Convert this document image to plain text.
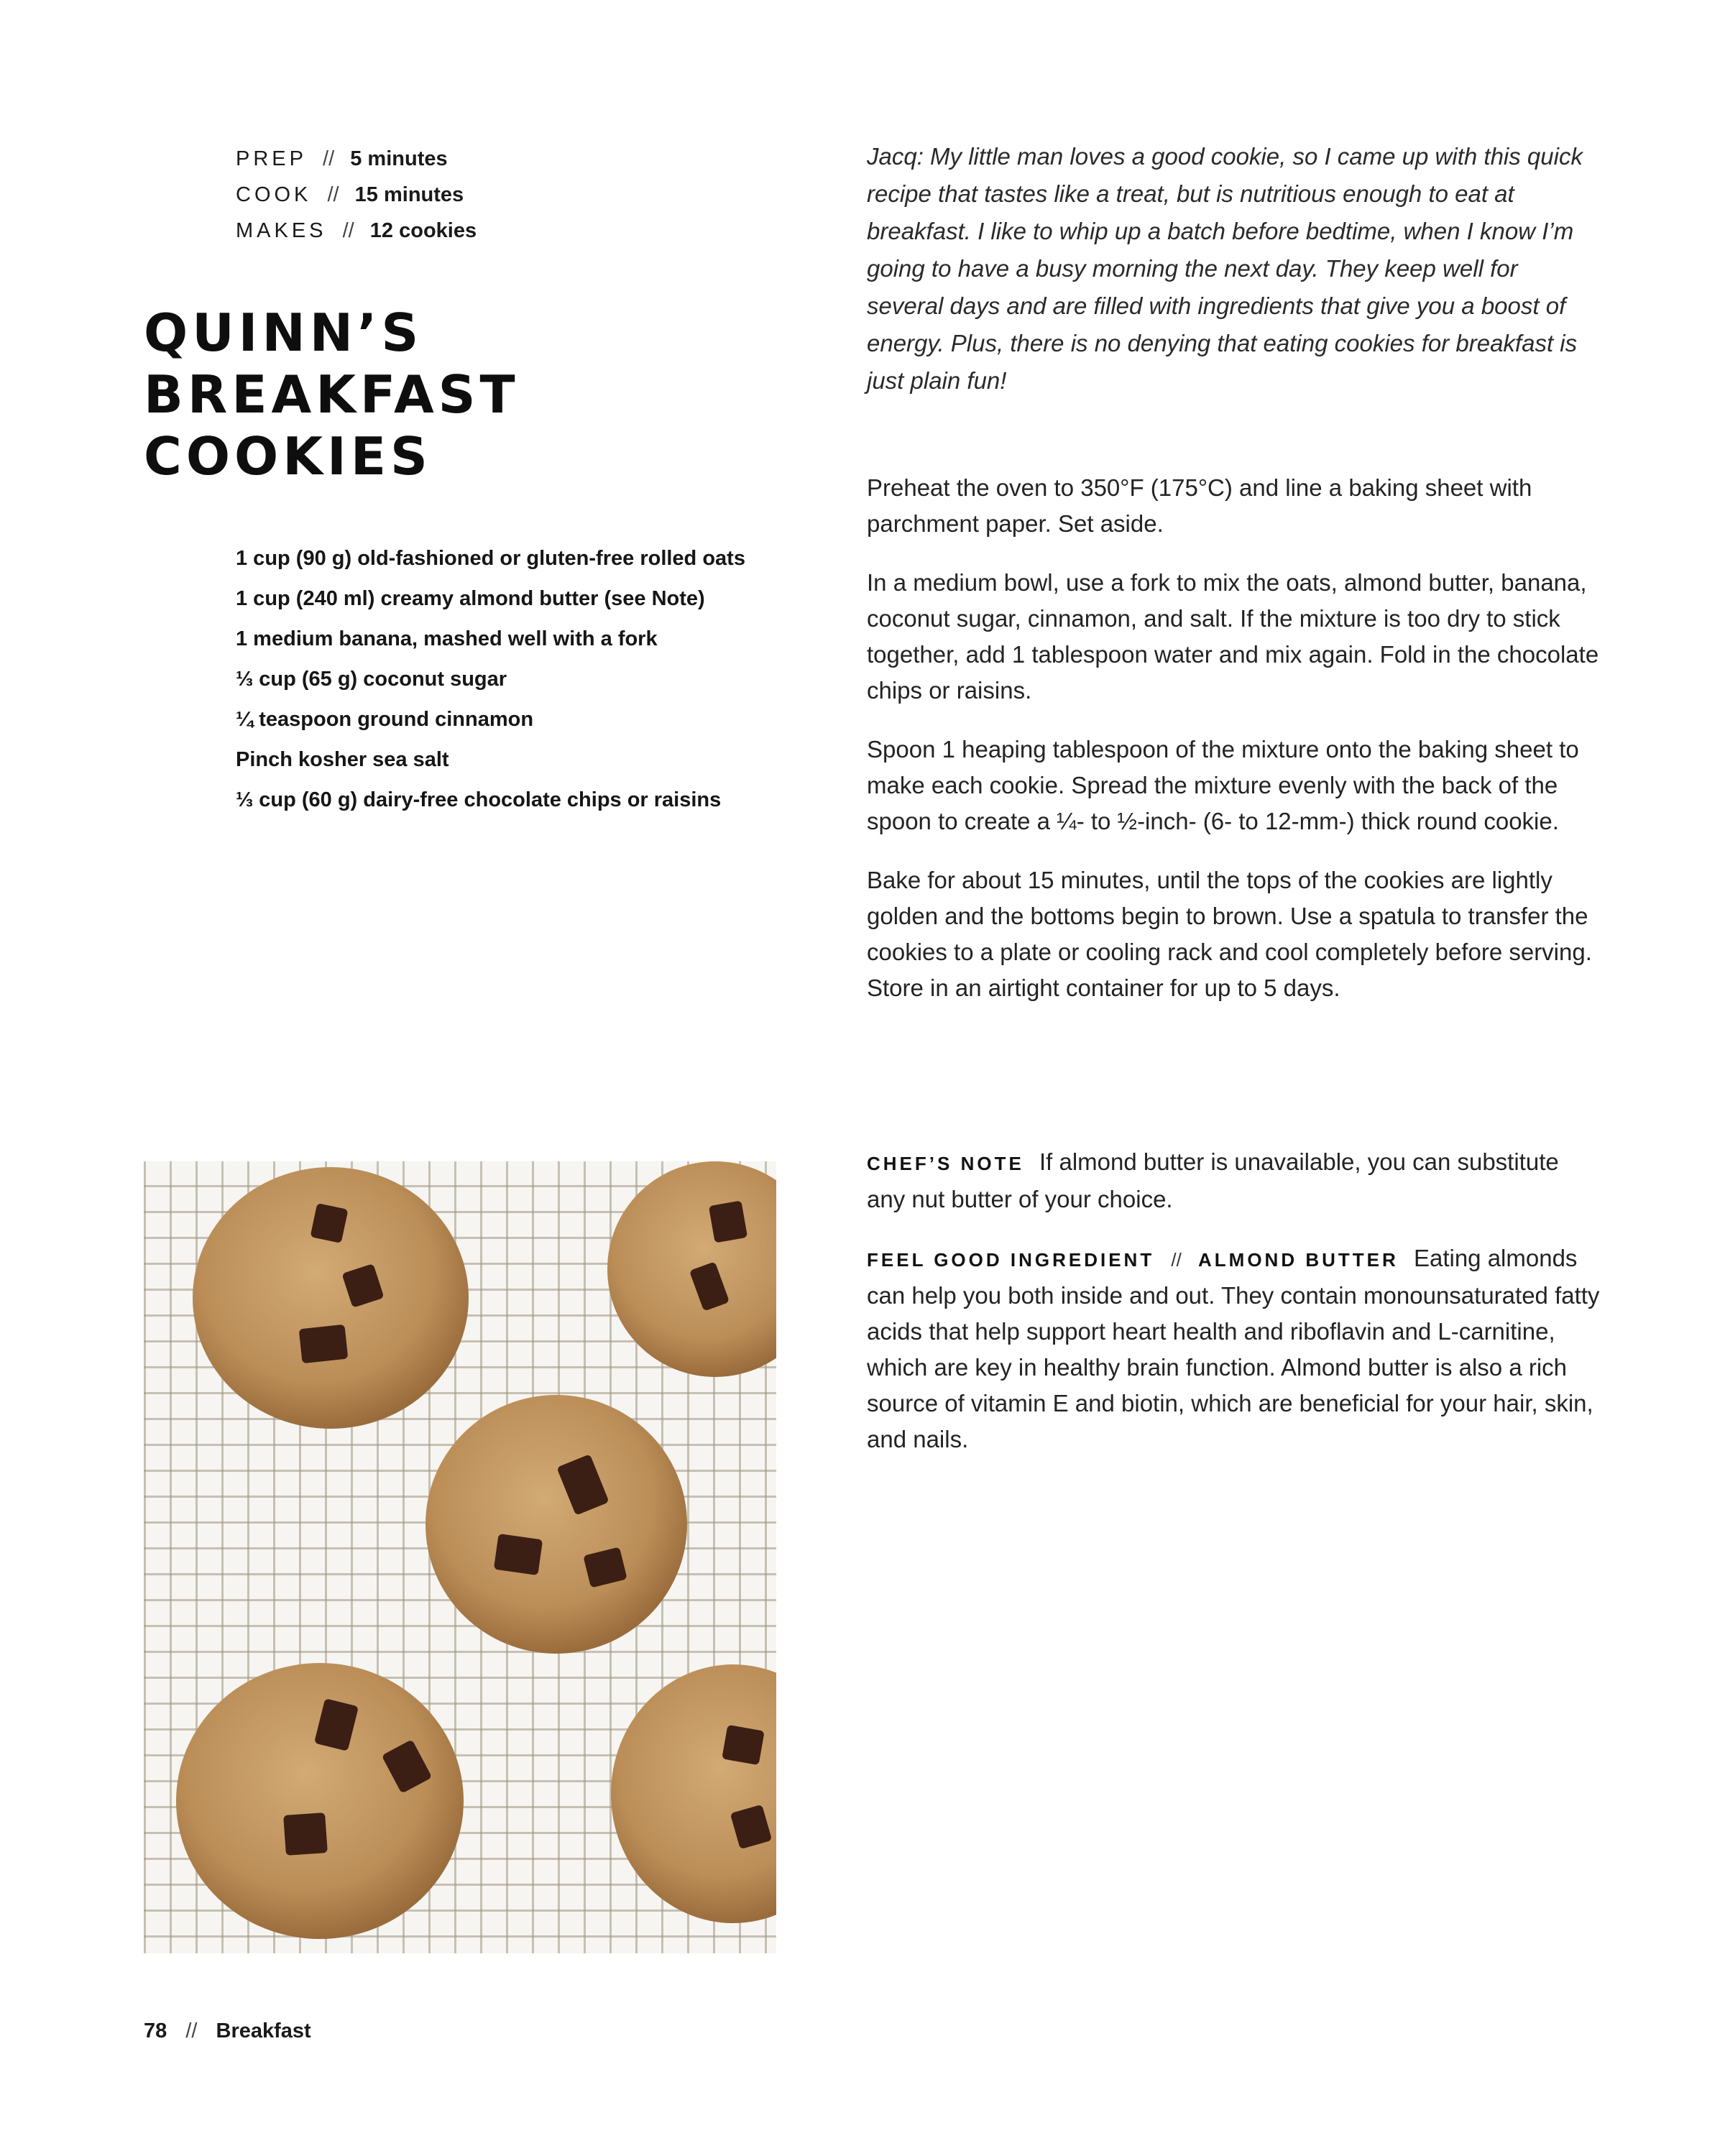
PREP // 5 minutes
COOK // 15 minutes
MAKES // 12 cookies
QUINN’S
BREAKFAST
COOKIES
1 cup (90 g) old-fashioned or gluten-free rolled oats
1 cup (240 ml) creamy almond butter (see Note)
1 medium banana, mashed well with a fork
⅓ cup (65 g) coconut sugar
¼ teaspoon ground cinnamon
Pinch kosher sea salt
⅓ cup (60 g) dairy-free chocolate chips or raisins

Jacq: My little man loves a good cookie, so I came up with this quick recipe that tastes like a treat, but is nutritious enough to eat at breakfast. I like to whip up a batch before bedtime, when I know I’m going to have a busy morning the next day. They keep well for several days and are filled with ingredients that give you a boost of energy. Plus, there is no denying that eating cookies for breakfast is just plain fun!

Preheat the oven to 350°F (175°C) and line a baking sheet with parchment paper. Set aside.

In a medium bowl, use a fork to mix the oats, almond butter, banana, coconut sugar, cinnamon, and salt. If the mixture is too dry to stick together, add 1 tablespoon water and mix again. Fold in the chocolate chips or raisins.

Spoon 1 heaping tablespoon of the mixture onto the baking sheet to make each cookie. Spread the mixture evenly with the back of the spoon to create a ¼- to ½-inch- (6- to 12-mm-) thick round cookie.

Bake for about 15 minutes, until the tops of the cookies are lightly golden and the bottoms begin to brown. Use a spatula to transfer the cookies to a plate or cooling rack and cool completely before serving. Store in an airtight container for up to 5 days.

CHEF’S NOTE If almond butter is unavailable, you can substitute any nut butter of your choice.

FEEL GOOD INGREDIENT // ALMOND BUTTER Eating almonds can help you both inside and out. They contain monounsaturated fatty acids that help support heart health and riboflavin and L-carnitine, which are key in healthy brain function. Almond butter is also a rich source of vitamin E and biotin, which are beneficial for your hair, skin, and nails.

78 // Breakfast
